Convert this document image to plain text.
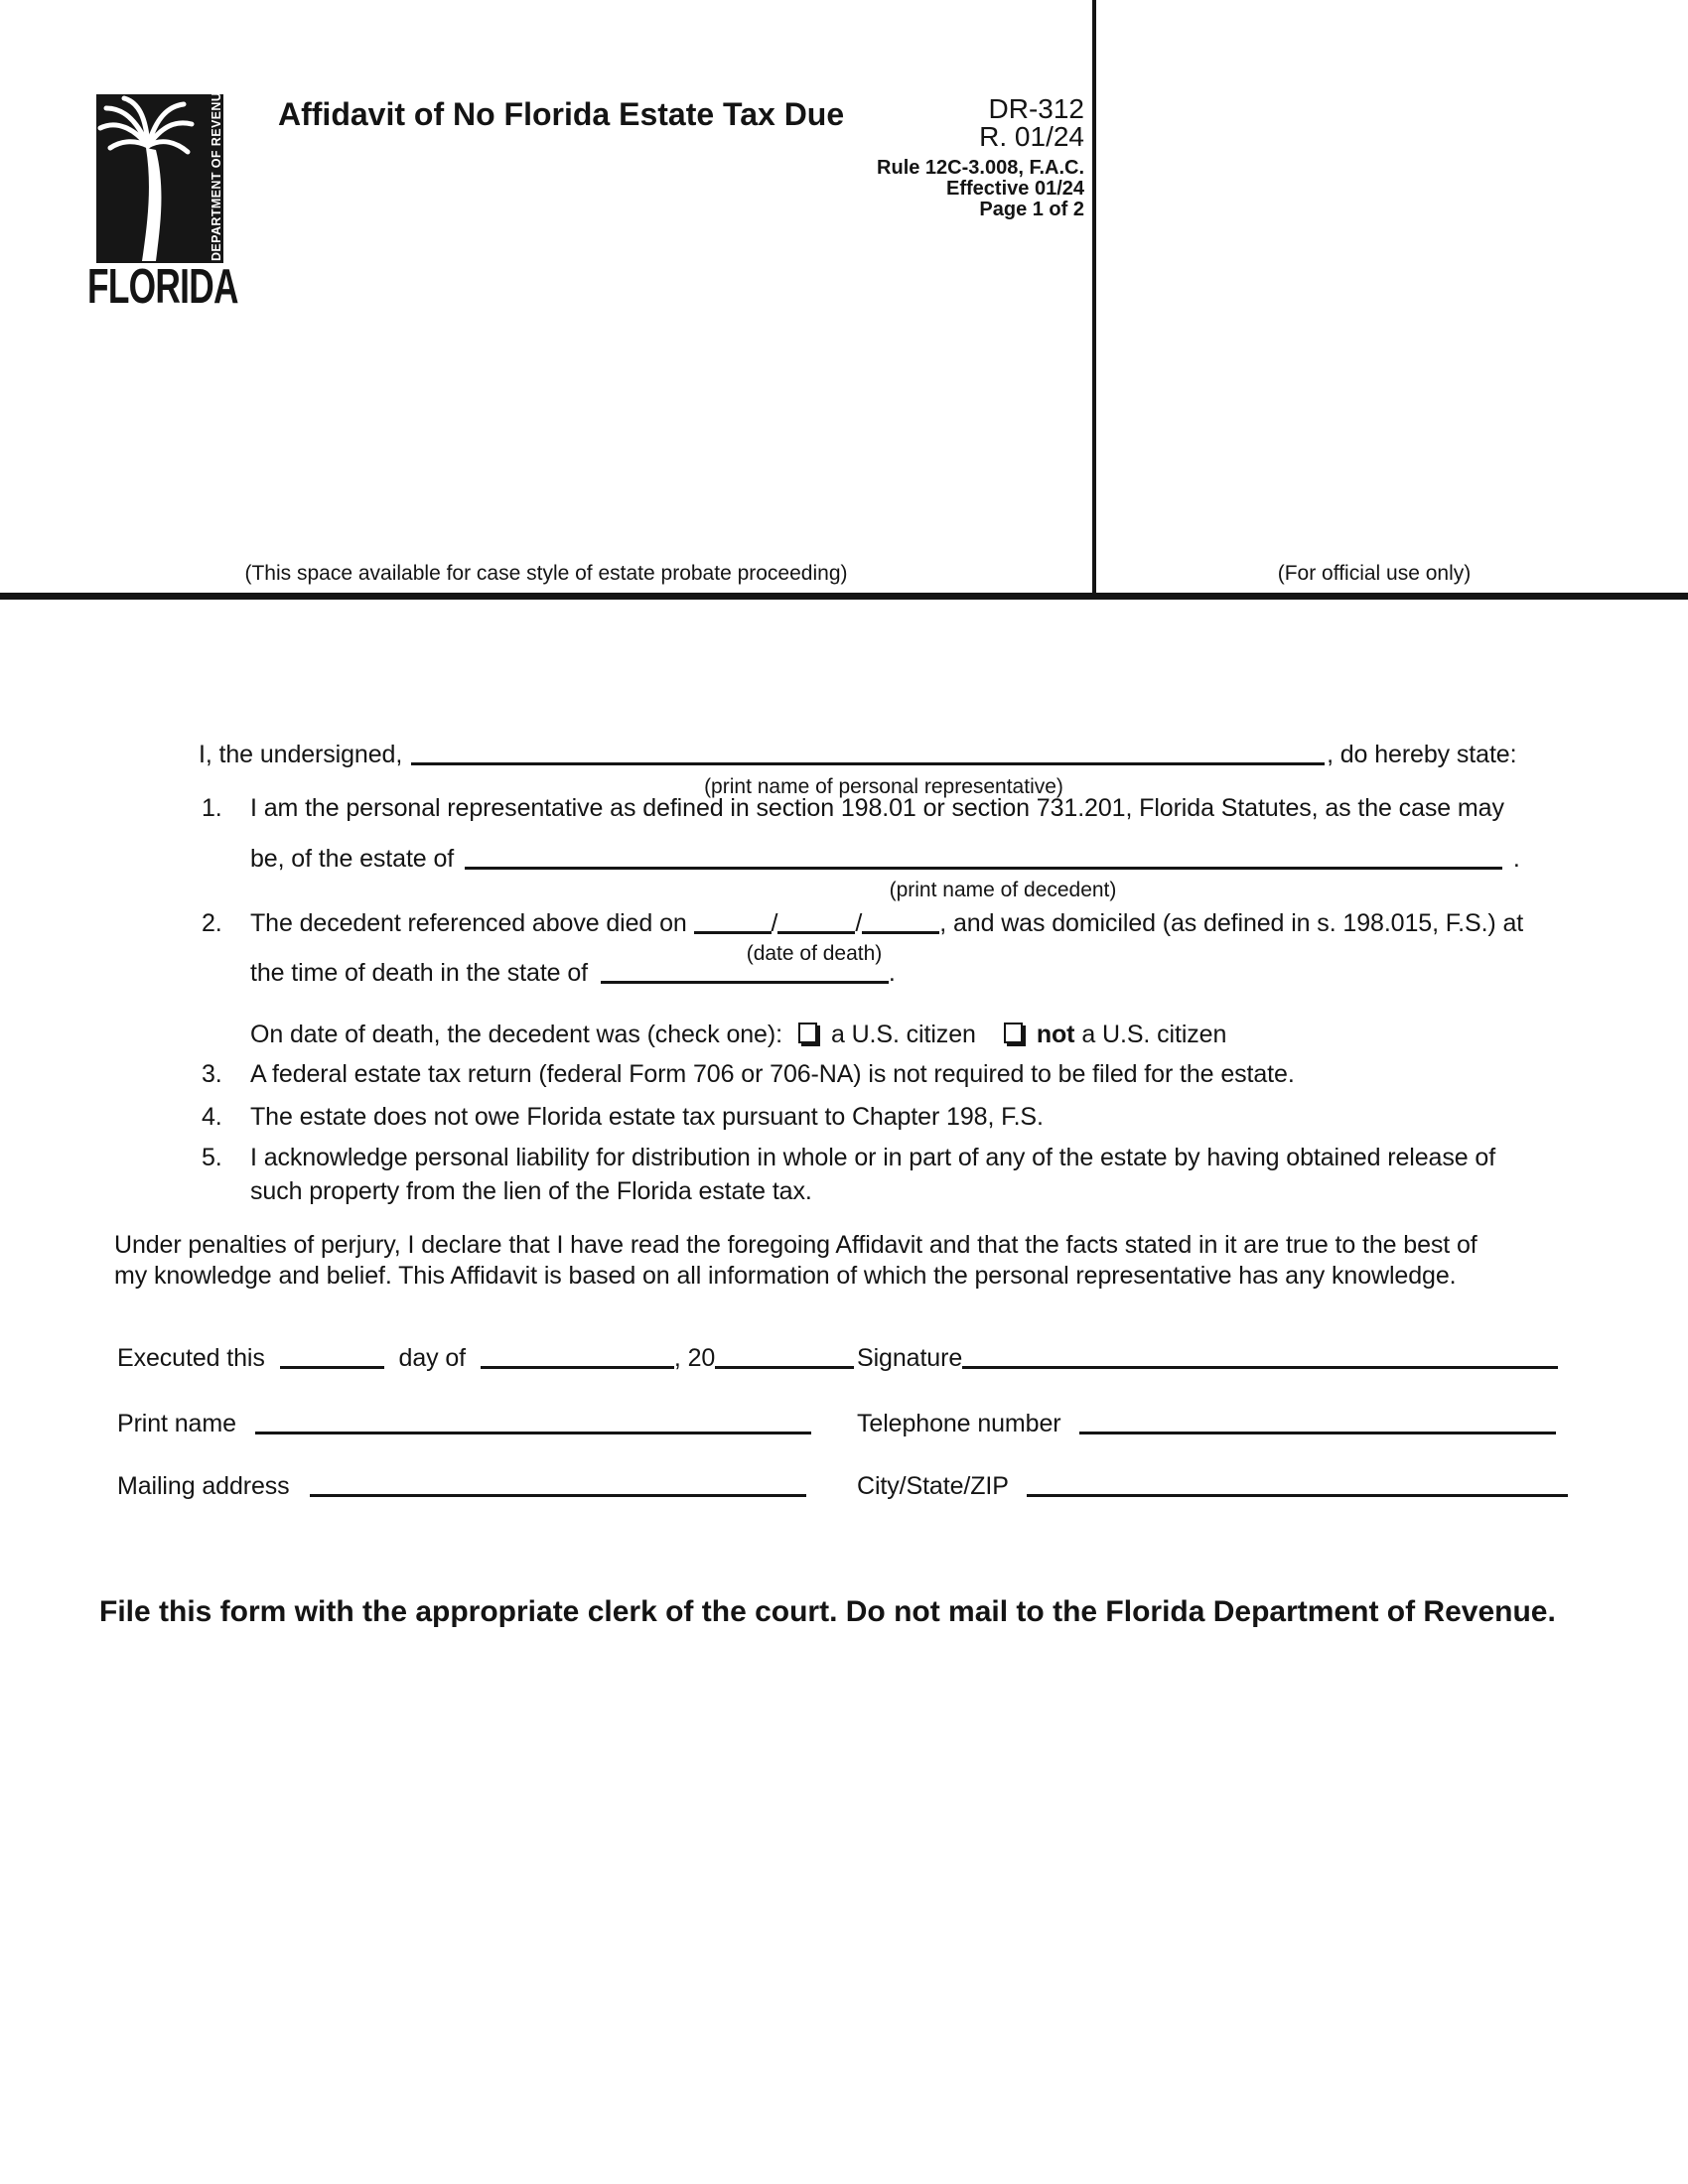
DEPARTMENT OF REVENUE
FLORIDA
Affidavit of No Florida Estate Tax Due	DR-312
R. 01/24
Rule 12C-3.008, F.A.C.
Effective 01/24
Page 1 of 2
(This space available for case style of estate probate proceeding)	(For official use only)
I, the undersigned,	, do hereby state:
(print name of personal representative)
1. I am the personal representative as defined in section 198.01 or section 731.201, Florida Statutes, as the case may
be, of the estate of	.
(print name of decedent)
2. The decedent referenced above died on	/	/	, and was domiciled (as defined in s. 198.015, F.S.) at
(date of death)
the time of death in the state of	.
On date of death, the decedent was (check one): a U.S. citizen not a U.S. citizen
3. A federal estate tax return (federal Form 706 or 706-NA) is not required to be filed for the estate.
4. The estate does not owe Florida estate tax pursuant to Chapter 198, F.S.
5. I acknowledge personal liability for distribution in whole or in part of any of the estate by having obtained release of
such property from the lien of the Florida estate tax.
Under penalties of perjury, I declare that I have read the foregoing Affidavit and that the facts stated in it are true to the best of
my knowledge and belief. This Affidavit is based on all information of which the personal representative has any knowledge.
Executed this	day of	, 20	Signature
Print name	Telephone number
Mailing address	City/State/ZIP
File this form with the appropriate clerk of the court. Do not mail to the Florida Department of Revenue.
